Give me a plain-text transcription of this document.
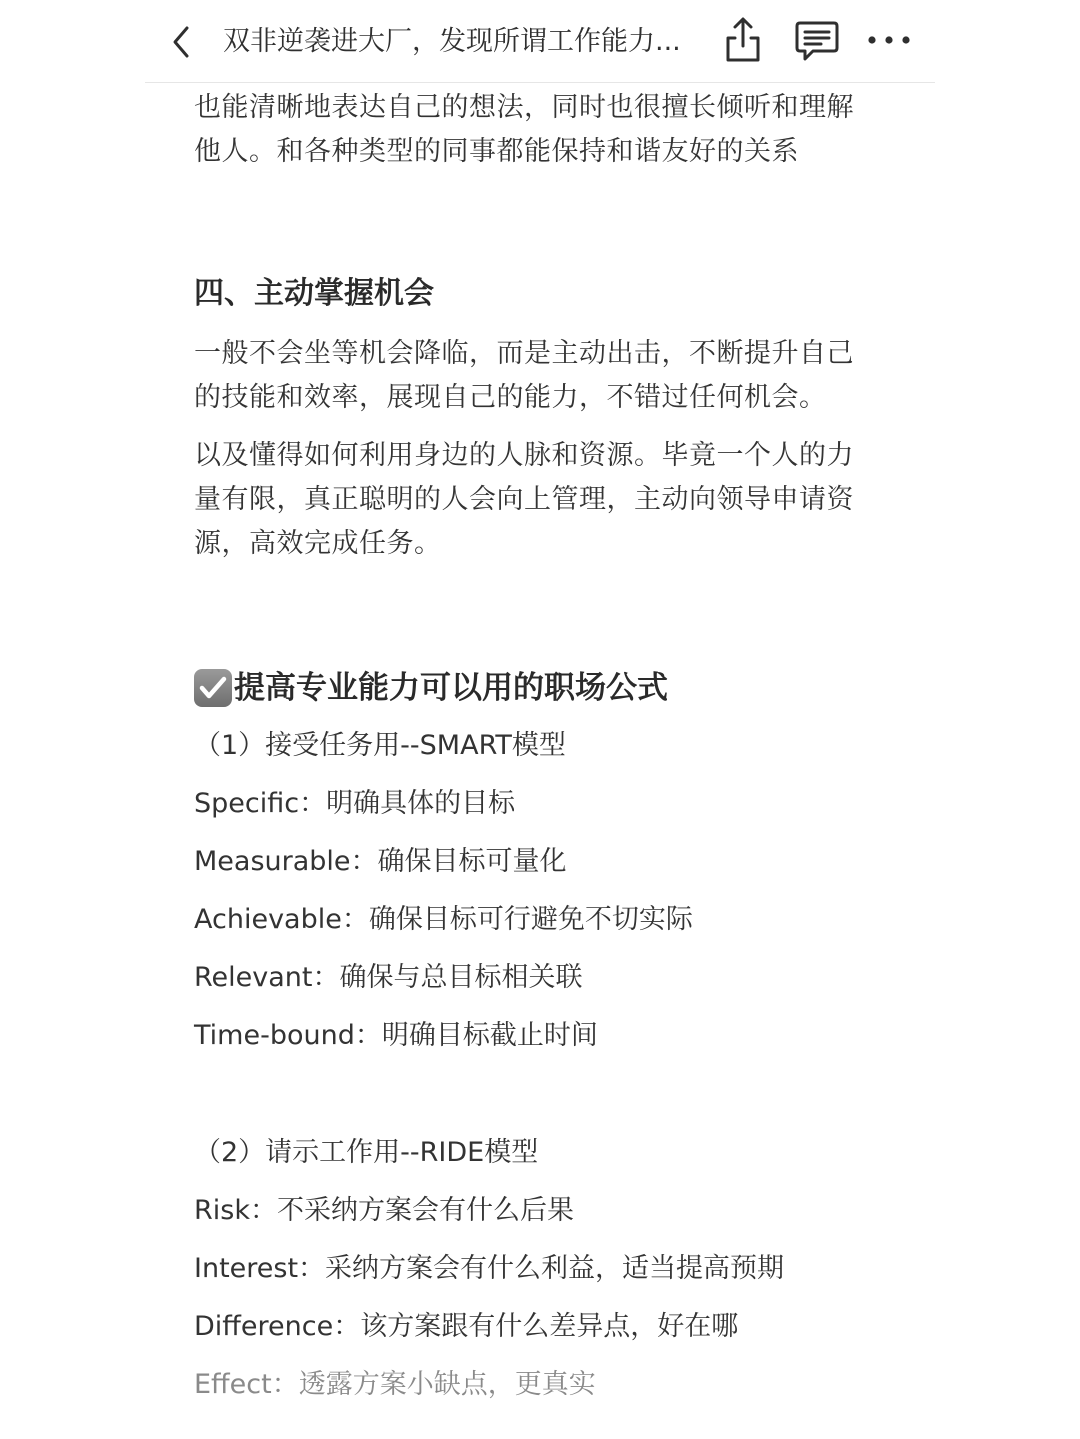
双非逆袭进大厂，发现所谓工作能力...

也能清晰地表达自己的想法，同时也很擅长倾听和理解

他人。和各种类型的同事都能保持和谐友好的关系

四、主动掌握机会

一般不会坐等机会降临，而是主动出击，不断提升自己

的技能和效率，展现自己的能力，不错过任何机会。

以及懂得如何利用身边的人脉和资源。毕竟一个人的力

量有限，真正聪明的人会向上管理，主动向领导申请资

源，高效完成任务。

提高专业能力可以用的职场公式

（1）接受任务用--SMART模型

Specific：明确具体的目标

Measurable：确保目标可量化

Achievable：确保目标可行避免不切实际

Relevant：确保与总目标相关联

Time-bound：明确目标截止时间

（2）请示工作用--RIDE模型

Risk：不采纳方案会有什么后果

Interest：采纳方案会有什么利益，适当提高预期

Difference：该方案跟有什么差异点，好在哪

Effect：透露方案小缺点，更真实
